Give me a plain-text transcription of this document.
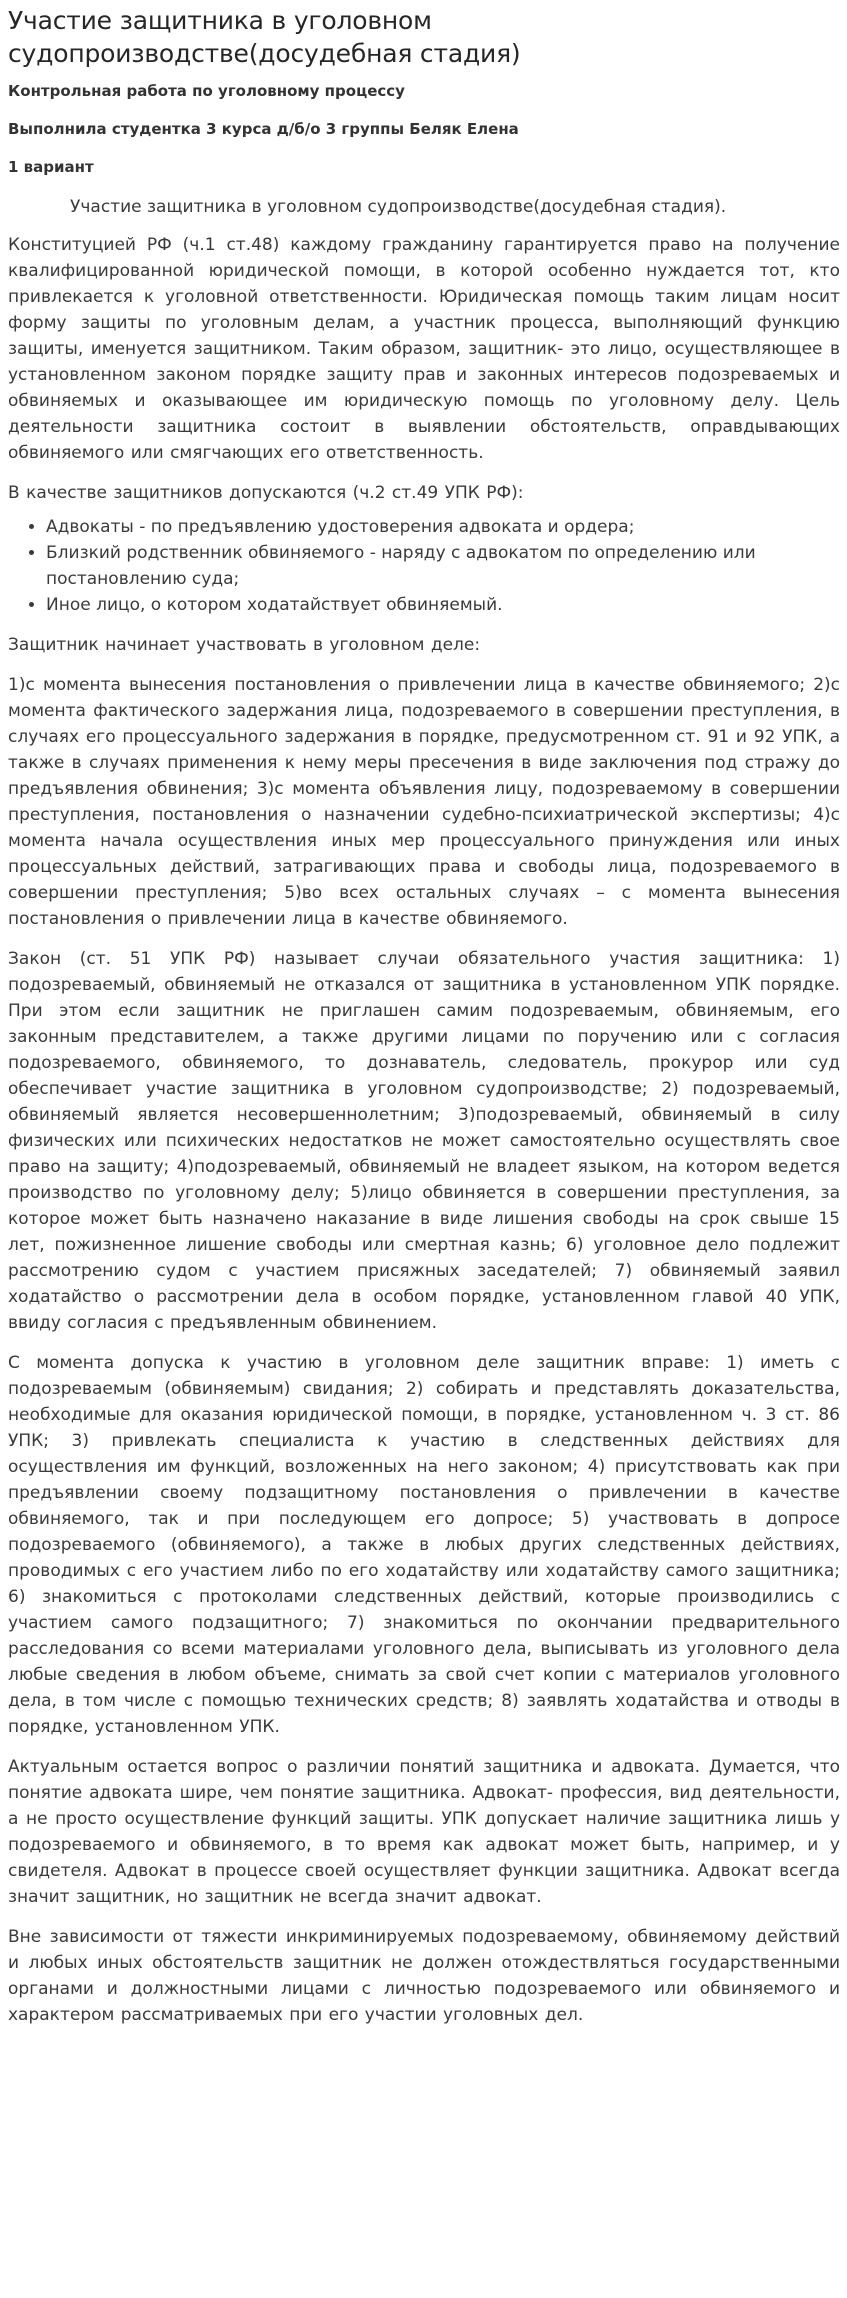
Участие защитника в уголовном судопроизводстве(досудебная стадия)
Контрольная работа по уголовному процессу
Выполнила студентка 3 курса д/б/о 3 группы Беляк Елена
1 вариант
Участие защитника в уголовном судопроизводстве(досудебная стадия).

Конституцией РФ (ч.1 ст.48) каждому гражданину гарантируется право на получение квалифицированной юридической помощи, в которой особенно нуждается тот, кто привлекается к уголовной ответственности. Юридическая помощь таким лицам носит форму защиты по уголовным делам, а участник процесса, выполняющий функцию защиты, именуется защитником. Таким образом, защитник- это лицо, осуществляющее в установленном законом порядке защиту прав и законных интересов подозреваемых и обвиняемых и оказывающее им юридическую помощь по уголовному делу. Цель деятельности защитника состоит в выявлении обстоятельств, оправдывающих обвиняемого или смягчающих его ответственность.

В качестве защитников допускаются (ч.2 ст.49 УПК РФ):

• Адвокаты - по предъявлению удостоверения адвоката и ордера;
• Близкий родственник обвиняемого - наряду с адвокатом по определению или постановлению суда;
• Иное лицо, о котором ходатайствует обвиняемый.

Защитник начинает участвовать в уголовном деле:

1)с момента вынесения постановления о привлечении лица в качестве обвиняемого; 2)с момента фактического задержания лица, подозреваемого в совершении преступления, в случаях его процессуального задержания в порядке, предусмотренном ст. 91 и 92 УПК, а также в случаях применения к нему меры пресечения в виде заключения под стражу до предъявления обвинения; 3)с момента объявления лицу, подозреваемому в совершении преступления, постановления о назначении судебно-психиатрической экспертизы; 4)с момента начала осуществления иных мер процессуального принуждения или иных процессуальных действий, затрагивающих права и свободы лица, подозреваемого в совершении преступления; 5)во всех остальных случаях – с момента вынесения постановления о привлечении лица в качестве обвиняемого.

Закон (ст. 51 УПК РФ) называет случаи обязательного участия защитника: 1) подозреваемый, обвиняемый не отказался от защитника в установленном УПК порядке. При этом если защитник не приглашен самим подозреваемым, обвиняемым, его законным представителем, а также другими лицами по поручению или с согласия подозреваемого, обвиняемого, то дознаватель, следователь, прокурор или суд обеспечивает участие защитника в уголовном судопроизводстве; 2) подозреваемый, обвиняемый является несовершеннолетним; 3)подозреваемый, обвиняемый в силу физических или психических недостатков не может самостоятельно осуществлять свое право на защиту; 4)подозреваемый, обвиняемый не владеет языком, на котором ведется производство по уголовному делу; 5)лицо обвиняется в совершении преступления, за которое может быть назначено наказание в виде лишения свободы на срок свыше 15 лет, пожизненное лишение свободы или смертная казнь; 6) уголовное дело подлежит рассмотрению судом с участием присяжных заседателей; 7) обвиняемый заявил ходатайство о рассмотрении дела в особом порядке, установленном главой 40 УПК, ввиду согласия с предъявленным обвинением.

С момента допуска к участию в уголовном деле защитник вправе: 1) иметь с подозреваемым (обвиняемым) свидания; 2) собирать и представлять доказательства, необходимые для оказания юридической помощи, в порядке, установленном ч. 3 ст. 86 УПК; 3) привлекать специалиста к участию в следственных действиях для осуществления им функций, возложенных на него законом; 4) присутствовать как при предъявлении своему подзащитному постановления о привлечении в качестве обвиняемого, так и при последующем его допросе; 5) участвовать в допросе подозреваемого (обвиняемого), а также в любых других следственных действиях, проводимых с его участием либо по его ходатайству или ходатайству самого защитника; 6) знакомиться с протоколами следственных действий, которые производились с участием самого подзащитного; 7) знакомиться по окончании предварительного расследования со всеми материалами уголовного дела, выписывать из уголовного дела любые сведения в любом объеме, снимать за свой счет копии с материалов уголовного дела, в том числе с помощью технических средств; 8) заявлять ходатайства и отводы в порядке, установленном УПК.

Актуальным остается вопрос о различии понятий защитника и адвоката. Думается, что понятие адвоката шире, чем понятие защитника. Адвокат- профессия, вид деятельности, а не просто осуществление функций защиты. УПК допускает наличие защитника лишь у подозреваемого и обвиняемого, в то время как адвокат может быть, например, и у свидетеля. Адвокат в процессе своей осуществляет функции защитника. Адвокат всегда значит защитник, но защитник не всегда значит адвокат.

Вне зависимости от тяжести инкриминируемых подозреваемому, обвиняемому действий и любых иных обстоятельств защитник не должен отождествляться государственными органами и должностными лицами с личностью подозреваемого или обвиняемого и характером рассматриваемых при его участии уголовных дел.
